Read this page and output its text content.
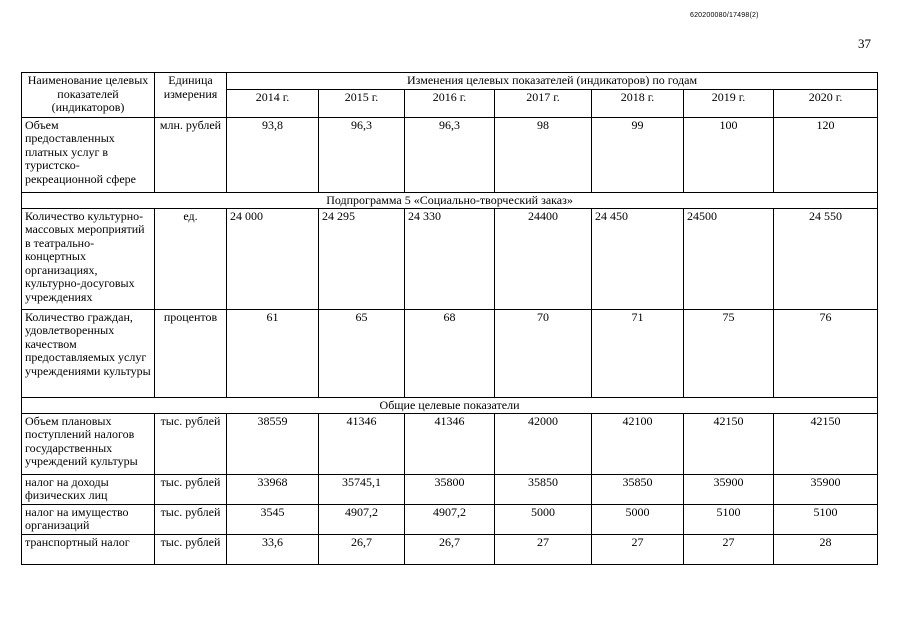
620200080/17498(2)
37
Наименование целевых показателей (индикаторов)	Единица измерения	Изменения целевых показателей (индикаторов) по годам						
		2014 г.	2015 г.	2016 г.	2017 г.	2018 г.	2019 г.	2020 г.
Объем предоставленных платных услуг в туристско-рекреационной сфере	млн. рублей	93,8	96,3	96,3	98	99	100	120
Подпрограмма 5 «Социально-творческий заказ»								
Количество культурно-массовых мероприятий в театрально-концертных организациях, культурно-досуговых учреждениях	ед.	24 000	24 295	24 330	24400	24 450	24500	24 550
Количество граждан, удовлетворенных качеством предоставляемых услуг учреждениями культуры	процентов	61	65	68	70	71	75	76
Общие целевые показатели								
Объем плановых поступлений налогов государственных учреждений культуры	тыс. рублей	38559	41346	41346	42000	42100	42150	42150
налог на доходы физических лиц	тыс. рублей	33968	35745,1	35800	35850	35850	35900	35900
налог на имущество организаций	тыс. рублей	3545	4907,2	4907,2	5000	5000	5100	5100
транспортный налог	тыс. рублей	33,6	26,7	26,7	27	27	27	28
